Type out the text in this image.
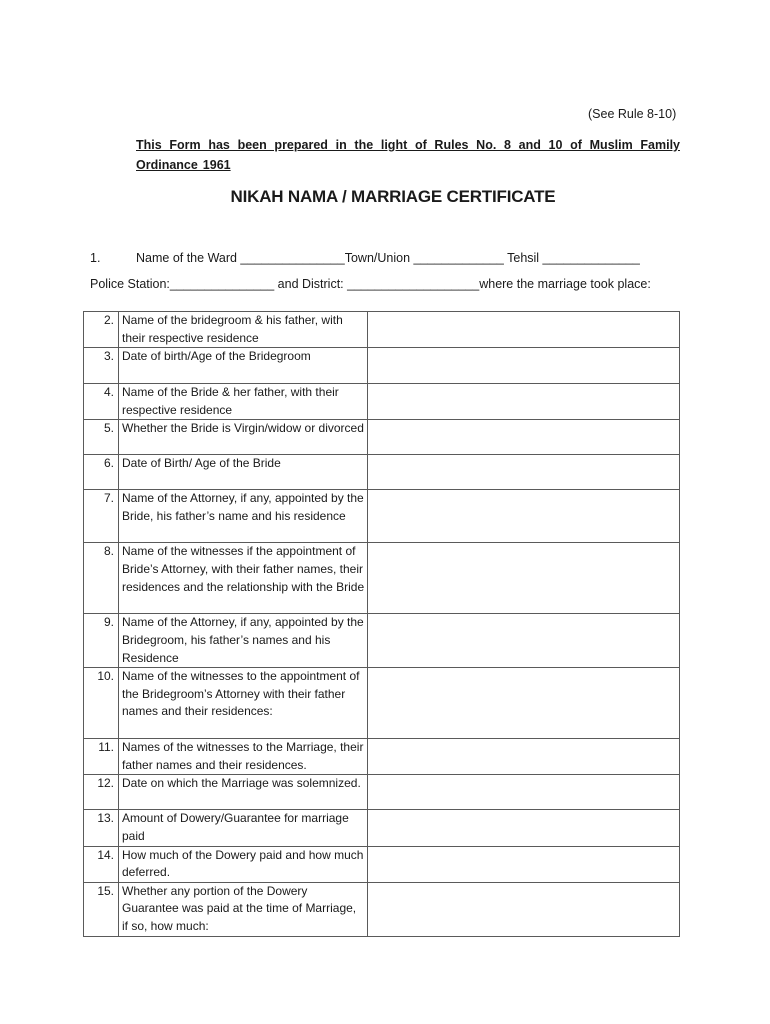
(See Rule 8-10)
This Form has been prepared in the light of Rules No. 8 and 10 of Muslim Family Ordinance 1961
NIKAH NAMA / MARRIAGE CERTIFICATE
1.	Name of the Ward _______________Town/Union _____________ Tehsil ______________
Police Station:_______________ and District: ___________________where the marriage took place:
2.	Name of the bridegroom & his father, with their respective residence	
3.	Date of birth/Age of the Bridegroom	
4.	Name of the Bride & her father, with their respective residence	
5.	Whether the Bride is Virgin/widow or divorced	
6.	Date of Birth/ Age of the Bride	
7.	Name of the Attorney, if any, appointed by the Bride, his father’s name and his residence	
8.	Name of the witnesses if the appointment of Bride’s Attorney, with their father names, their residences and the relationship with the Bride	
9.	Name of the Attorney, if any, appointed by the Bridegroom, his father’s names and his Residence	
10.	Name of the witnesses to the appointment of the Bridegroom’s Attorney with their father names and their residences:	
11.	Names of the witnesses to the Marriage, their father names and their residences.	
12.	Date on which the Marriage was solemnized.	
13.	Amount of Dowery/Guarantee for marriage paid	
14.	How much of the Dowery paid and how much deferred.	
15.	Whether any portion of the Dowery Guarantee was paid at the time of Marriage, if so, how much:	
